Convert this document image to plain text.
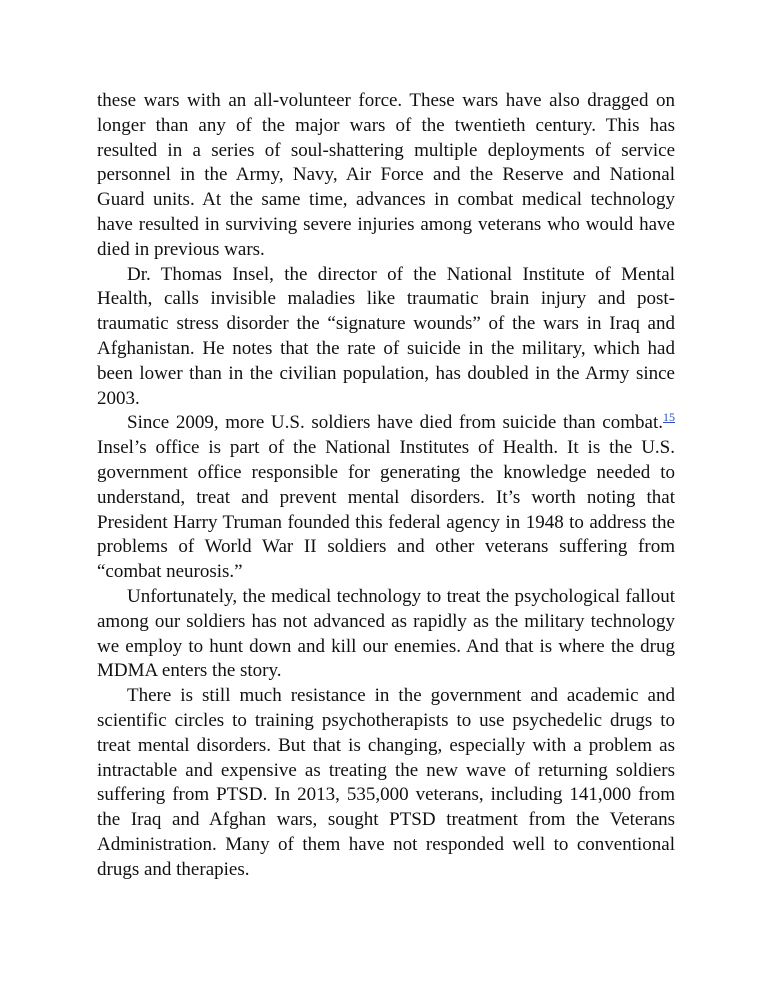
these wars with an all-volunteer force. These wars have also dragged on longer than any of the major wars of the twentieth century. This has resulted in a series of soul-shattering multiple deployments of service personnel in the Army, Navy, Air Force and the Reserve and National Guard units. At the same time, advances in combat medical technology have resulted in surviving severe injuries among veterans who would have died in previous wars.

Dr. Thomas Insel, the director of the National Institute of Mental Health, calls invisible maladies like traumatic brain injury and post-traumatic stress disorder the “signature wounds” of the wars in Iraq and Afghanistan. He notes that the rate of suicide in the military, which had been lower than in the civilian population, has doubled in the Army since 2003.

Since 2009, more U.S. soldiers have died from suicide than combat.$^{15}$ Insel’s office is part of the National Institutes of Health. It is the U.S. government office responsible for generating the knowledge needed to understand, treat and prevent mental disorders. It’s worth noting that President Harry Truman founded this federal agency in 1948 to address the problems of World War II soldiers and other veterans suffering from “combat neurosis.”

Unfortunately, the medical technology to treat the psychological fallout among our soldiers has not advanced as rapidly as the military technology we employ to hunt down and kill our enemies. And that is where the drug MDMA enters the story.

There is still much resistance in the government and academic and scientific circles to training psychotherapists to use psychedelic drugs to treat mental disorders. But that is changing, especially with a problem as intractable and expensive as treating the new wave of returning soldiers suffering from PTSD. In 2013, 535,000 veterans, including 141,000 from the Iraq and Afghan wars, sought PTSD treatment from the Veterans Administration. Many of them have not responded well to conventional drugs and therapies.
